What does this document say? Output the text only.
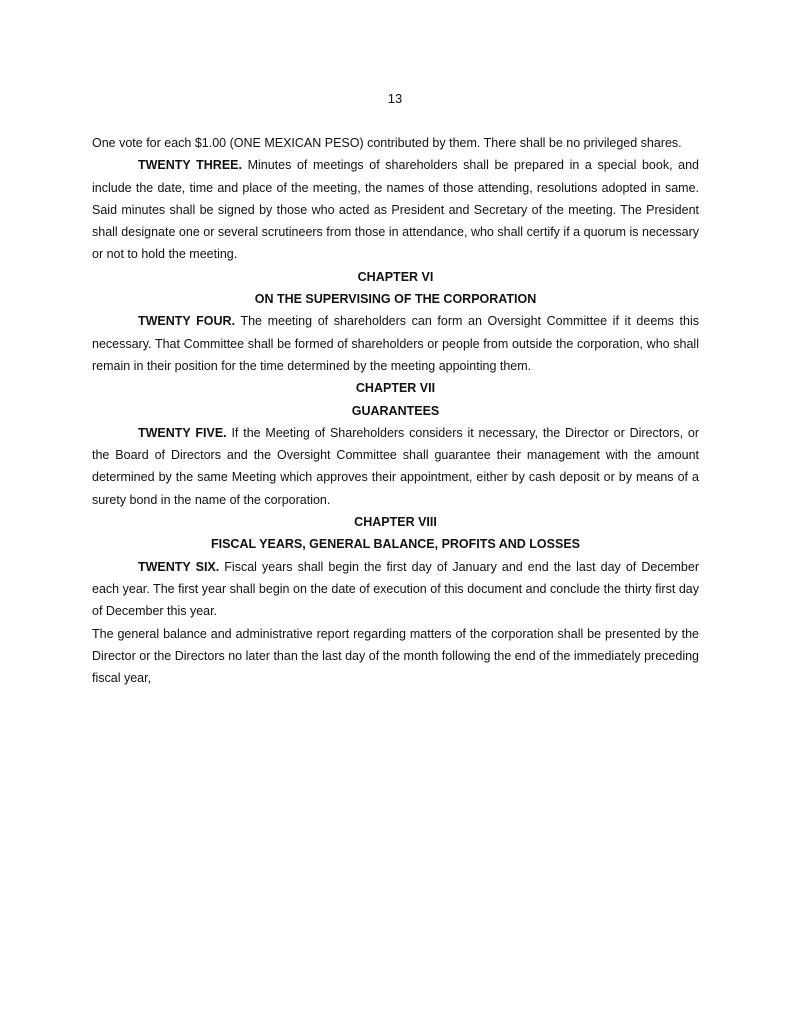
13

One vote for each $1.00 (ONE MEXICAN PESO) contributed by them. There shall be no privileged shares.

TWENTY THREE. Minutes of meetings of shareholders shall be prepared in a special book, and include the date, time and place of the meeting, the names of those attending, resolutions adopted in same. Said minutes shall be signed by those who acted as President and Secretary of the meeting. The President shall designate one or several scrutineers from those in attendance, who shall certify if a quorum is necessary or not to hold the meeting.

CHAPTER VI

ON THE SUPERVISING OF THE CORPORATION

TWENTY FOUR. The meeting of shareholders can form an Oversight Committee if it deems this necessary. That Committee shall be formed of shareholders or people from outside the corporation, who shall remain in their position for the time determined by the meeting appointing them.

CHAPTER VII

GUARANTEES

TWENTY FIVE. If the Meeting of Shareholders considers it necessary, the Director or Directors, or the Board of Directors and the Oversight Committee shall guarantee their management with the amount determined by the same Meeting which approves their appointment, either by cash deposit or by means of a surety bond in the name of the corporation.

CHAPTER VIII

FISCAL YEARS, GENERAL BALANCE, PROFITS AND LOSSES

TWENTY SIX. Fiscal years shall begin the first day of January and end the last day of December each year. The first year shall begin on the date of execution of this document and conclude the thirty first day of December this year.

The general balance and administrative report regarding matters of the corporation shall be presented by the Director or the Directors no later than the last day of the month following the end of the immediately preceding fiscal year,
